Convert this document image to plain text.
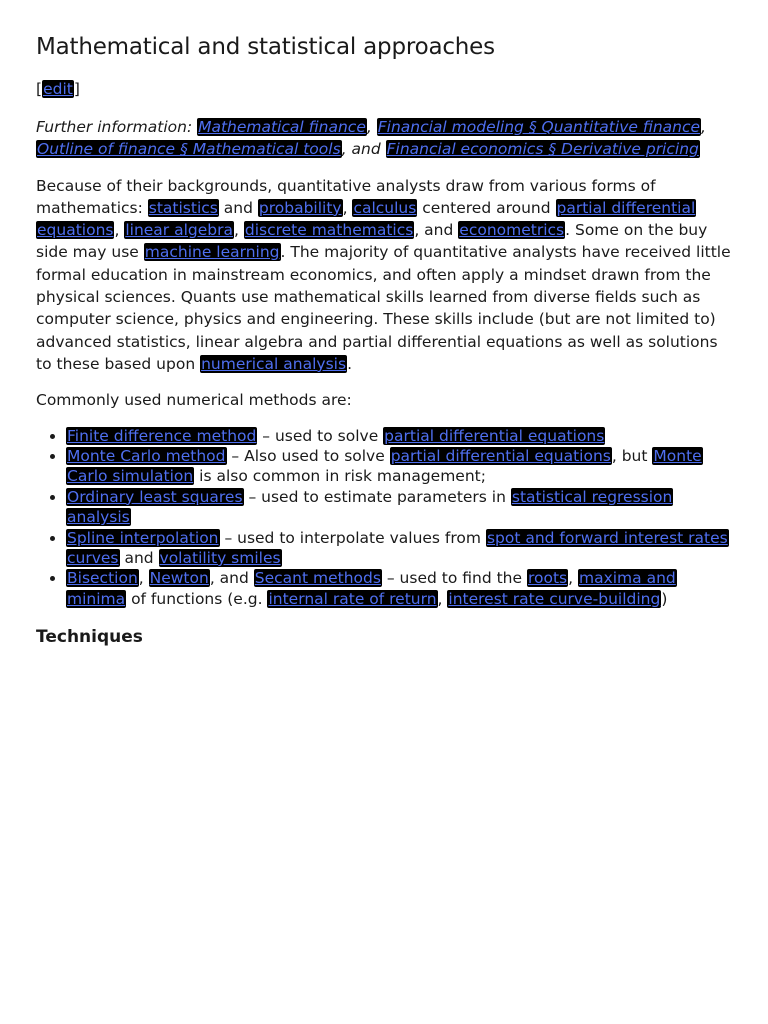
Mathematical and statistical approaches
[edit]

Further information: Mathematical finance, Financial modeling § Quantitative finance, Outline of finance § Mathematical tools, and Financial economics § Derivative pricing

Because of their backgrounds, quantitative analysts draw from various forms of mathematics: statistics and probability, calculus centered around partial differential equations, linear algebra, discrete mathematics, and econometrics. Some on the buy side may use machine learning. The majority of quantitative analysts have received little formal education in mainstream economics, and often apply a mindset drawn from the physical sciences. Quants use mathematical skills learned from diverse fields such as computer science, physics and engineering. These skills include (but are not limited to) advanced statistics, linear algebra and partial differential equations as well as solutions to these based upon numerical analysis.

Commonly used numerical methods are:

• Finite difference method – used to solve partial differential equations
• Monte Carlo method – Also used to solve partial differential equations, but Monte Carlo simulation is also common in risk management;
• Ordinary least squares – used to estimate parameters in statistical regression analysis
• Spline interpolation – used to interpolate values from spot and forward interest rates curves and volatility smiles
• Bisection, Newton, and Secant methods – used to find the roots, maxima and minima of functions (e.g. internal rate of return, interest rate curve-building)
Techniques
